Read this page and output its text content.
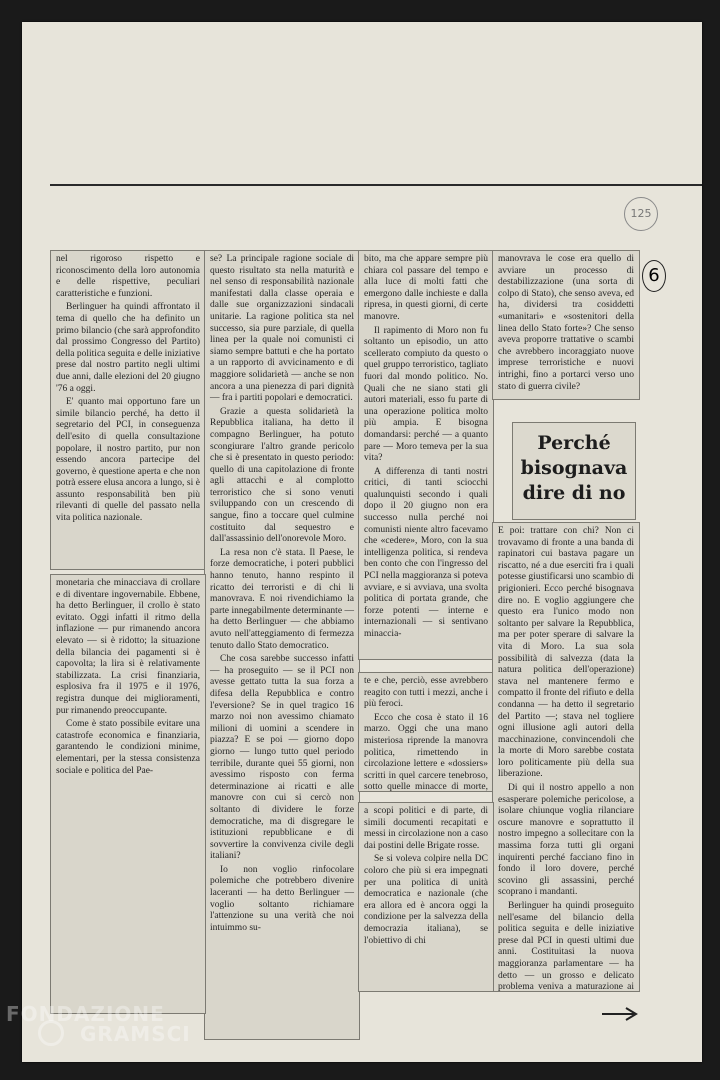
125
6

nel rigoroso rispetto e riconoscimento della loro autonomia e delle rispettive, peculiari caratteristiche e funzioni.

Berlinguer ha quindi affrontato il tema di quello che ha definito un primo bilancio (che sarà approfondito dal prossimo Congresso del Partito) della politica seguita e delle iniziative prese dal nostro partito negli ultimi due anni, dalle elezioni del 20 giugno '76 a oggi.

E' quanto mai opportuno fare un simile bilancio perché, ha detto il segretario del PCI, in conseguenza dell'esito di quella consultazione popolare, il nostro partito, pur non essendo ancora partecipe del governo, è questione aperta e che non potrà essere elusa ancora a lungo, si è assunto responsabilità ben più rilevanti di quelle del passato nella vita politica nazionale.

se? La principale ragione sociale di questo risultato sta nella maturità e nel senso di responsabilità nazionale manifestati dalla classe operaia e dalle sue organizzazioni sindacali unitarie. La ragione politica sta nel successo, sia pure parziale, di quella linea per la quale noi comunisti ci siamo sempre battuti e che ha portato a un rapporto di avvicinamento e di maggiore solidarietà — anche se non ancora a una pienezza di pari dignità — fra i partiti popolari e democratici.

Grazie a questa solidarietà la Repubblica italiana, ha detto il compagno Berlinguer, ha potuto scongiurare l'altro grande pericolo che si è presentato in questo periodo: quello di una capitolazione di fronte agli attacchi e al complotto terroristico che si sono venuti sviluppando con un crescendo di sangue, fino a toccare quel culmine costituito dal sequestro e dall'assassinio dell'onorevole Moro.

La resa non c'è stata. Il Paese, le forze democratiche, i poteri pubblici hanno tenuto, hanno respinto il ricatto dei terroristi e di chi li manovrava. E noi rivendichiamo la parte innegabilmente determinante — ha detto Berlinguer — che abbiamo avuto nell'atteggiamento di fermezza tenuto dallo Stato democratico.

Che cosa sarebbe successo infatti — ha proseguito — se il PCI non avesse gettato tutta la sua forza a difesa della Repubblica e contro l'eversione? Se in quel tragico 16 marzo noi non avessimo chiamato milioni di uomini a scendere in piazza? E se poi — giorno dopo giorno — lungo tutto quel periodo terribile, durante quei 55 giorni, non avessimo risposto con ferma determinazione ai ricatti e alle manovre con cui si cercò non soltanto di dividere le forze democratiche, ma di disgregare le istituzioni repubblicane e di sovvertire la convivenza civile degli italiani?

Io non voglio rinfocolare polemiche che potrebbero divenire laceranti — ha detto Berlinguer — voglio soltanto richiamare l'attenzione su una verità che noi intuimmo su-

bito, ma che appare sempre più chiara col passare del tempo e alla luce di molti fatti che emergono dalle inchieste e dalla ripresa, in questi giorni, di certe manovre.

Il rapimento di Moro non fu soltanto un episodio, un atto scellerato compiuto da questo o quel gruppo terroristico, tagliato fuori dal mondo politico. No. Quali che ne siano stati gli autori materiali, esso fu parte di una operazione politica molto più ampia. E bisogna domandarsi: perché — a quanto pare — Moro temeva per la sua vita?

A differenza di tanti nostri critici, di tanti sciocchi qualunquisti secondo i quali dopo il 20 giugno non era successo nulla perché noi comunisti niente altro facevamo che «cedere», Moro, con la sua intelligenza politica, si rendeva ben conto che con l'ingresso del PCI nella maggioranza si poteva avviare, e si avviava, una svolta politica di portata grande, che forze potenti — interne e internazionali — si sentivano minaccia-

te e che, perciò, esse avrebbero reagito con tutti i mezzi, anche i più feroci.

Ecco che cosa è stato il 16 marzo. Oggi che una mano misteriosa riprende la manovra politica, rimettendo in circolazione lettere e «dossiers» scritti in quel carcere tenebroso, sotto quelle minacce di morte,

manovrava le cose era quello di avviare un processo di destabilizzazione (una sorta di colpo di Stato), che senso aveva, ed ha, dividersi tra cosiddetti «umanitari» e «sostenitori della linea dello Stato forte»? Che senso aveva proporre trattative o scambi che avrebbero incoraggiato nuove imprese terroristiche e nuovi intrighi, fino a portarci verso uno stato di guerra civile?

Perché
bisognava
dire di no

E poi: trattare con chi? Non ci trovavamo di fronte a una banda di rapinatori cui bastava pagare un riscatto, né a due eserciti fra i quali potesse giustificarsi uno scambio di prigionieri. Ecco perché bisognava dire no. E voglio aggiungere che questo era l'unico modo non soltanto per salvare la Repubblica, ma per poter sperare di salvare la vita di Moro. La sua sola possibilità di salvezza (data la natura politica dell'operazione) stava nel mantenere fermo e compatto il fronte del rifiuto e della condanna — ha detto il segretario del Partito —; stava nel togliere ogni illusione agli autori della macchinazione, convincendoli che la morte di Moro sarebbe costata loro politicamente più della sua liberazione.

Di qui il nostro appello a non esasperare polemiche pericolose, a isolare chiunque voglia rilanciare oscure manovre e soprattutto il nostro impegno a sollecitare con la massima forza tutti gli organi inquirenti perché facciano fino in fondo il loro dovere, perché scovino gli assassini, perché scoprano i mandanti.

Berlinguer ha quindi proseguito nell'esame del bilancio della politica seguita e delle iniziative prese dal PCI in questi ultimi due anni. Costituitasi la nuova maggioranza parlamentare — ha detto — un grosso e delicato problema veniva a maturazione ai

monetaria che minacciava di crollare e di diventare ingovernabile. Ebbene, ha detto Berlinguer, il crollo è stato evitato. Oggi infatti il ritmo della inflazione — pur rimanendo ancora elevato — si è ridotto; la situazione della bilancia dei pagamenti si è capovolta; la lira si è relativamente stabilizzata. La crisi finanziaria, esplosiva fra il 1975 e il 1976, registra dunque dei miglioramenti, pur rimanendo preoccupante.

Come è stato possibile evitare una catastrofe economica e finanziaria, garantendo le condizioni minime, elementari, per la stessa consistenza sociale e politica del Pae-

a scopi politici e di parte, di simili documenti recapitati e messi in circolazione non a caso dai postini delle Brigate rosse.

Se si voleva colpire nella DC coloro che più si era impegnati per una politica di unità democratica e nazionale (che era allora ed è ancora oggi la condizione per la salvezza della democrazia italiana), se l'obiettivo di chi

FONDAZIONE
GRAMSCI
